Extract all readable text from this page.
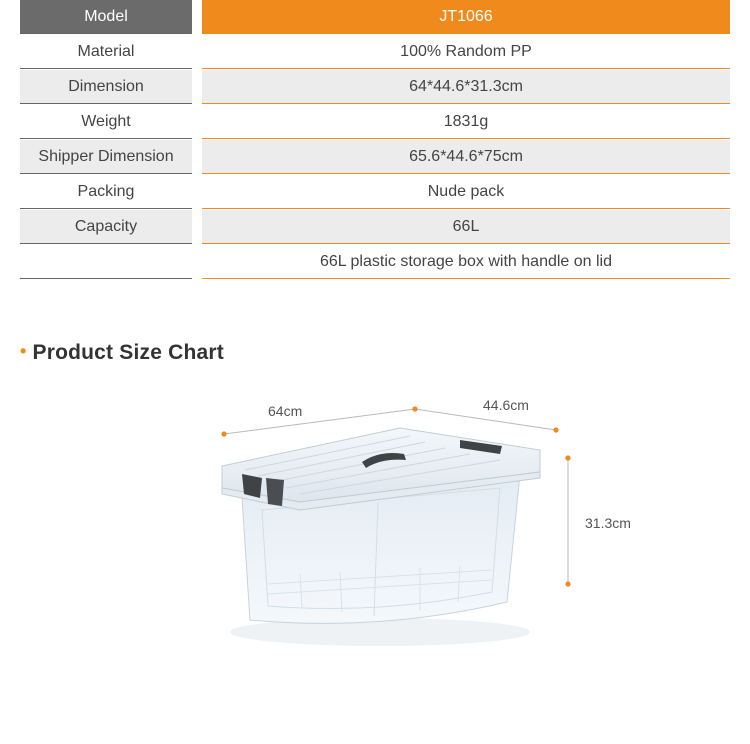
Model	JT1066
Material	100% Random PP
Dimension	64*44.6*31.3cm
Weight	1831g
Shipper Dimension	65.6*44.6*75cm
Packing	Nude pack
Capacity	66L
66L plastic storage box with handle on lid
• Product Size Chart
64cm	44.6cm
31.3cm
